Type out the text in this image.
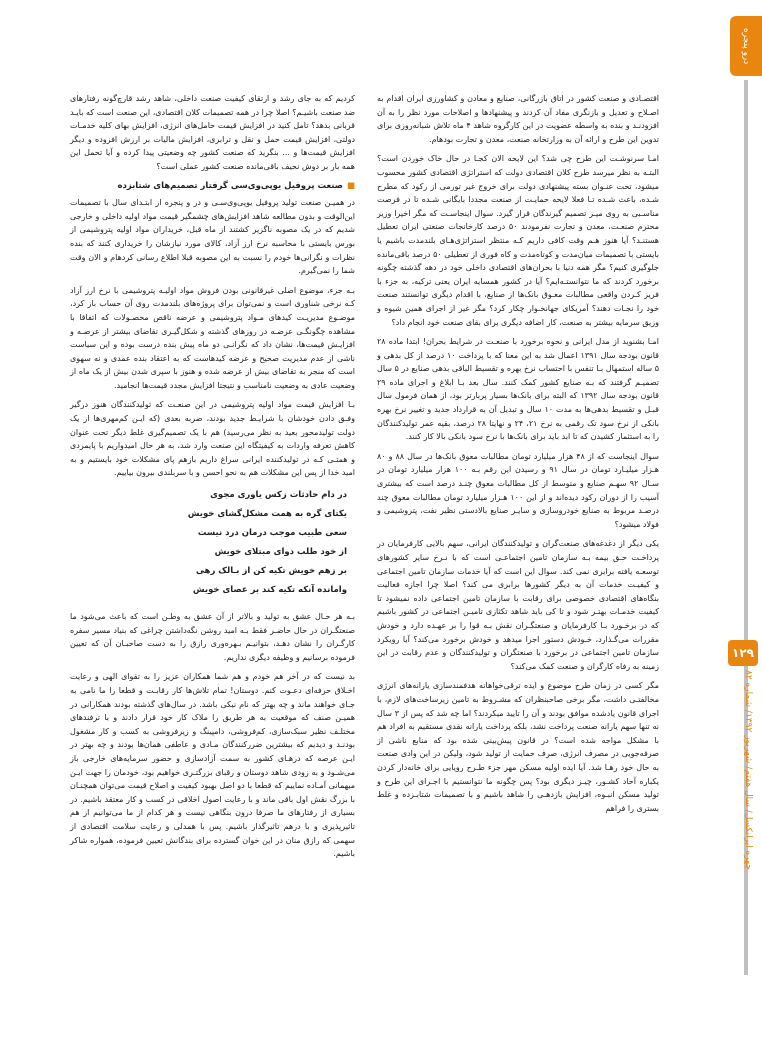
درو پنجره
چهره ایرانکسل/ سال هفتم/ شهریور ۱۳۹۲/ شماره ۸۲
۱۲۹

اقتصـادی و صنعت کشور در اتاق بازرگانی، صنایع و معادن و کشاورزی ایران اقدام به اصـلاح و تعدیل و بازنگری مفاد آن کردند و پیشنهادها و اصلاحات مورد نظر را به آن افزودنـد و بنده به واسطه عضویت در این کارگروه شاهد ۴ ماه تلاش شبانه‌روزی برای تدوین این طرح و ارائه آن به وزارتخانه صنعت، معدن و تجارت بودهام.

امـا سرنوشـت این طرح چی شد؟ این لایحه الان کجـا در حال خاک خوردن است؟ البتـه به نظر میرسد طرح کلان اقتصادی دولت که استراتژی اقتصادی کشور محسوب میشود، تحت عنـوان بسته پیشنهادی دولت برای خروج غیر تورمی از رکود که مطرح شـده، باعث شـده تـا فعلا لایحه حمایـت از صنعت مجددا بایگانی شـده تا در فرصت مناسـبی به روی میـز تصمیم گیرندگان قرار گیرد. سوال اینجاسـت که مگر اخیرا وزیر محترم صنعـت، معدن و تجارت نفرمودند ۵۰ درصد کارخانجات صنعتی ایران تعطیل هستنـد؟ آیا هنوز هـم وقت کافی داریم کـه منتظر استراتژی‌هـای بلندمدت باشیم یا بایستی با تصمیمات میان‌مدت و کوتاه‌مدت و کاه فوری از تعطیلی ۵۰ درصد باقی‌مانده جلوگیری کنیم؟ مگر همه دنیا با بحران‌های اقتصادی داخلی خود در دهه گذشته چگونه برخورد کردند که ما نتوانستـه‌ایم؟ آیا در کشور همسایه ایران یعنی ترکیه، به جزء با فریز کـردن واقعی مطالبات معـوق بانک‌ها از صنایع، با اقدام دیگری توانستند صنعت خود را نجـات دهند؟ آمریکای جهانخـوار چکار کرد؟ مگر غیر از اجرای همین شیوه و وزیق سرمایه بیشتر به صنعت، کار اضافه دیگری برای بقای صنعت خود انجام داد؟

امـا بشنوید از مدل ایرانی و نحوه برخورد با صنعـت در شرایط بحران! ابتدا ماده ۲۸ قانون بودجه سال ۱۳۹۱ اعمال شد به این معنا که با پرداخت ۱۰ درصد از کل بدهی و ۵ ساله استمهال بـا تنفس با احتساب نرخ بهره و تقسیط الباقی بدهی صنایع در ۵ سال تصمیـم گرفتند که بـه صنایع کشور کمک کنند. سال بعد بـا ابلاغ و اجرای ماده ۲۹ قانون بودجه سال ۱۳۹۲ که البته برای بانک‌ها بسیار پربارتر بود، از همان فرمول سال قبـل و تقسیط بدهی‌ها به مدت ۱۰ سال و تبدیل آن به قرارداد جدید و تغییر نرخ بهره بانکی از نرخ سود تک رقمی به نرخ ۲۱، ۲۴ و نهایتا ۲۸ درصد، بقیه عمر تولیدکنندگان را به استثمار کشیدن که تا ابد باید برای بانک‌ها با نرخ سود بانکی بالا کار کنند.

سوال اینجاست که از ۴۸ هزار میلیارد تومان مطالبات معوق بانک‌ها در سال ۸۸ و ۸۰ هـزار میلیـارد تومان در سال ۹۱ و رسیدن این رقم بـه ۱۰۰ هزار میلیارد تومان در سـال ۹۲ سهـم صنایع و متوسط از کل مطالبات معوق چنـد درصد است که بیشتری آسیب را از دوران رکود دیده‌اند و از این ۱۰۰ هـزار میلیارد تومان مطالبات معوق چند درصـد مربوط به صنایع خودروسازی و سایـر صنایع بالادستی نظیر نفت، پتروشیمی و فولاد میشود؟

یکی دیگر از دغدغه‌های صنعت‌گران و تولیدکنندگان ایرانی، سهم بالایی کارفرمایان در پرداخـت حـق بیمه بـه سازمان تامین اجتماعـی است که با نـرخ سایر کشورهای توسعـه یافته برابری نمی کند. سوال این است که آیا خدمات سازمان تامین اجتماعی و کیفیـت خدمات آن به دیگر کشورها برابری می کند؟ اصلا چرا اجازه فعالیت بنگاه‌های اقتصادی خصوصی برای رقابت با سازمان تامین اجتماعی داده نمیشود تا کیفیت خدمـات بهتـر شود و تا کی باید شاهد تکثازی تامیـن اجتماعی در کشور باشیم که در برخـورد بـا کارفرمایان و صنعتگـران نقش بـه قوا را بر عهـده دارد و خودش مقررات می‌گـذارد، خـودش دستور اجرا میدهد و خودش برخورد می‌کند؟ آیا رویکرد سازمان تامین اجتماعی در برخورد با صنعتگران و تولیدکنندگان و عدم رقابت در این زمینه به رفاه کارگران و صنعت کمک می‌کند؟

مگر کسی در زمان طرح موضوع و ایده ترقی‌خواهانه هدفمندسازی یارانه‌های انرژی مخالفتـی داشت، مگر برخی صاحبنظران که مشـروط به تامین زیرساخت‌های لازم، با اجرای قانون یادشده موافق بودند و آن را تایید میکردند؟ اما چه شد که پس از ۳ سال نه تنها سهم یارانه صنعت پرداخت نشد، بلکه پرداخت یارانه نقدی مستقیم به افراد هم با مشکل مواجه شده است؟ در قانون پیش‌بینی شده بود که منابع ناشی از صرفه‌جویی در مصرف انرژی، صرف حمایت از تولید شود، ولیکن در این وادی صنعت به حال خود رهـا شد. آیا ایده اولیه مسکن مهر جزء طـرح رویایی برای خانه‌دار کردن یکباره آحاد کشـور، چیـز دیگری بود؟ پس چگونه ما نتوانستیم با اجـرای این طرح و تولید مسکن انبـوه، افزایش بازدهـی را شاهد باشیم و با تصمیمات شتابـزده و غلط بستری را فراهم

کردیم که به جای رشد و ارتقای کیفیت صنعت داخلی، شاهد رشد قارچ‌گونه رفتارهای ضد صنعت باشیـم؟ اصلا چرا در همه تصمیمات کلان اقتصادی، این صنعت است که بایـد قربانی بدهد؟ تامل کنید در افزایش قیمت حامل‌های انرژی، افزایش بهای کلیه خدمـات دولتی، افزایش قیمت حمل و نقل و ترابری، افزایش مالیات بر ارزش افزوده و دیگر افزایش قیمت‌ها و ... بنگرید که صنعت کشور چه وضعیتی پیدا کرده و آیا تحمل این همه بار بر دوش نحیف باقی‌مانده صنعت کشور عملی است؟

■صنعت پروفیل یوپی‌وی‌سی گرفتار تصمیم‌های شتابزده

در همیـن صنعت تولید پروفیل یوپی‌وی‌سـی و در و پنجره از ابتـدای سال با تصمیمات این‌الوقت و بدون مطالعه شاهد افزایش‌های چشمگیر قیمت مواد اولیه داخلی و خارجی شدیم که در یک مصوبه ناگزیر کشتند از ماه قبل، خریداران مواد اولیه پتروشیمی از بورس بایستی با محاسبه نرخ ارز آزاد، کالای مورد نیازشان را خریداری کنند که بنده نظرات و نگرانی‌ها خودم را نسبت به این مصوبه قبلا اطلاع رسانی کردهام و الان وقت شما را نمی‌گیرم.

بـه جزء، موضوع اصلی غیرقانونی بودن فروش مواد اولیـه پتروشیمی با نرخ ارز آزاد کـه نرخی شناوری است و نمی‌توان برای پروژه‌های بلندمدت روی آن حساب باز کرد، موضـوع مدیریـت کیدهای مـواد پتروشیمی و عرضه ناقص محصـولات که اتفاقا با مشاهده چگونگـی عرضـه در روزهای گذشته و شکل‌گیـری تقاضای بیشتر از عرضـه و افزایـش قیمت‌ها، نشان داد که نگرانـی دو ماه پیش بنده درست بوده و این سیاست ناشی از عدم مدیریت صحیح و عرضه کیدهاست که به اعتقاد بنده عمدی و نه سهوی است که منجر به تقاضای بیش از عرضه شده و هنوز با سپری شدن بیش از یک ماه از وضعیت عادی به وضعیت نامناسب و نتیجتا افزایش مجدد قیمت‌ها انجامید.

بـا افزایش قیمت مواد اولیه پتروشیمی در این صنعـت که تولیدکنندگان هنوز درگیر وفـق دادن خودشان با شرایـط جدید بودند، ضربه بعدی (که ایـن کم‌مهری‌ها از یک دولت تولیدمحور بعید به نظر می‌رسید) هم با یک تصمیم‌گیری غلط دیگر تحت عنوان کاهش تعرفه واردات به کیفیتگاه این صنعت وارد شد، به هر حال امیدواریم با پایمردی و همتـی کـه در تولیدکننده ایرانی سراغ داریم بازهم پای مشکلات خود بایستیم و به امید خدا از پس این مشکلات هم به نحو احسن و با سربلندی بیرون بیاییم.

در دام حادثات زکس یاوری مجوی
یکتای گره به همت مشکل‌گشای خویش
سعی طبیب موجب درمان درد نیست
از خود طلب دوای مبتلای خویش
بر زهم خویش تکیه کن از بـالک رهی
وامانده آنکه تکیه کند بر عصای خویش

بـه هر حـال عشق به تولید و بالاتر از آن عشق به وطـن است که باعث می‌شود ما صنعتگـران در حال حاضـر فقط بـه امید روشن نگه‌داشتن چراغی که بنیاد مسیر سفره کارگـران را نشان دهـد، بتوانیـم بـهره‌وری رازق را به دست صاحبـان آن که تعیین فرموده برسانیم و وظیفه دیگری نداریم.

بد نیست که در آخر هم خودم و هم شما همکاران عزیز را به تقوای الهی و رعایت اخـلاق حرفه‌ای دعـوت کنم. دوستان! تمام تلاش‌ها کار رقابـت و قطعا را ما نامی به جـای خواهند ماند و چه بهتر که نام نیکی باشد. در سال‌های گذشته بودند همکارانی در همیـن صنف که موقعیت به هر طریق را ملاک کار خود قرار دادند و با ترفندهای مختلـف نظیر سبک‌سازی، کم‌فروشی، دامپینگ و زیرفروشی به کسب و کار مشغول بودنـد و دیدیم که بیشترین ضررکنندگان مـادی و عاطفی همان‌ها بودند و چه بهتر در ایـن عرصه که درهـای کشور به سمت آزادسازی و حضور سرمایه‌های خارجی باز می‌شـود و به زودی شاهد دوستان و رقبای بزرگتـری خواهیم بود، خودمان را جهت ایـن میهمانی آمـاده نماییم که قطعا با دو اصل بهبود کیفیت و اصلاح قیمت می‌توان همچنـان با بزرگ نقش اول باقی ماند و با رعایت اصول اخلاقی در کسب و کار معتقد باشیم. در بسیاری از رفتارهای ما صرفا درون بنگاهی نیست و هر کدام از ما می‌توانیم از هم تاثیرپذیری و با درهم تاثیرگذار باشیم. پس با همدلی و رعایت سلامت اقتصادی از سهمی که رازق منان در این خوان گسترده برای بندگانش تعیین فرموده، همواره شاکر باشیم.
